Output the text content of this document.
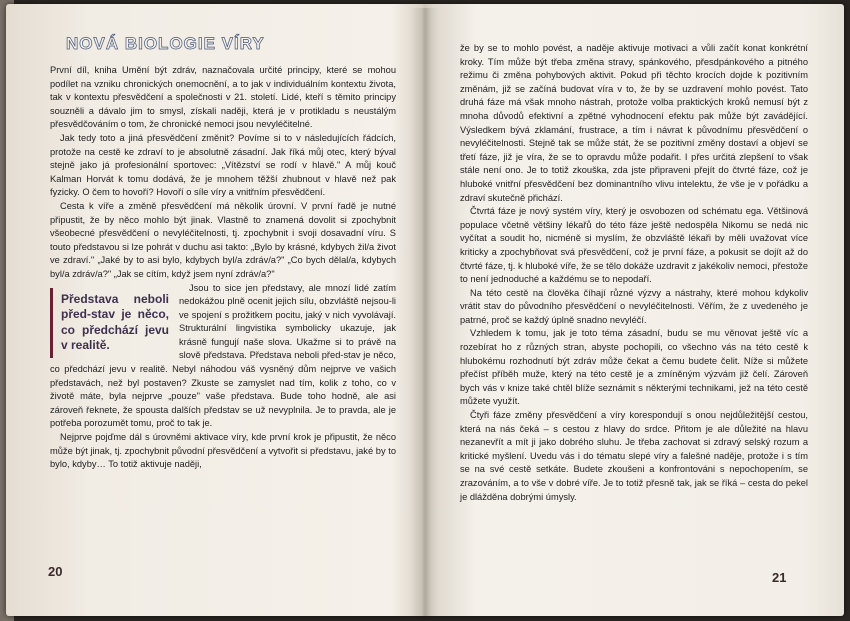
NOVÁ BIOLOGIE VÍRY

První díl, kniha Umění být zdráv, naznačovala určité principy, které se mohou podílet na vzniku chronických onemocnění, a to jak v individuálním kontextu života, tak v kontextu přesvědčení a společnosti v 21. století. Lidé, kteří s těmito principy souzněli a dávalo jim to smysl, získali naději, která je v protikladu s neustálým přesvědčováním o tom, že chronické nemoci jsou nevyléčitelné.

Jak tedy toto a jiná přesvědčení změnit? Povíme si to v následujících řádcích, protože na cestě ke zdraví to je absolutně zásadní. Jak říká můj otec, který býval stejně jako já profesionální sportovec: „Vítězství se rodí v hlavě." A můj kouč Kalman Horvát k tomu dodává, že je mnohem těžší zhubnout v hlavě než pak fyzicky. O čem to hovoří? Hovoří o síle víry a vnitřním přesvědčení.

Cesta k víře a změně přesvědčení má několik úrovní. V první řadě je nutné připustit, že by něco mohlo být jinak. Vlastně to znamená dovolit si zpochybnit všeobecné přesvědčení o nevyléčitelnosti, tj. zpochybnit i svoji dosavadní víru. S touto představou si lze pohrát v duchu asi takto: „Bylo by krásné, kdybych žil/a život ve zdraví." „Jaké by to asi bylo, kdybych byl/a zdráv/a?" „Co bych dělal/a, kdybych byl/a zdráv/a?" „Jak se cítím, když jsem nyní zdráv/a?"

Představa neboli před-stav je něco, co předchází jevu v realitě.

Jsou to sice jen představy, ale mnozí lidé zatím nedokážou plně ocenit jejich sílu, obzvláště nejsou-li ve spojení s prožitkem pocitu, jaký v nich vyvolávají. Strukturální lingvistika symbolicky ukazuje, jak krásně fungují naše slova. Ukažme si to právě na slově představa. Představa neboli před-stav je něco, co předchází jevu v realitě. Nebyl náhodou váš vysněný dům nejprve ve vašich představách, než byl postaven? Zkuste se zamyslet nad tím, kolik z toho, co v životě máte, byla nejprve „pouze" vaše představa. Bude toho hodně, ale asi zároveň řeknete, že spousta dalších představ se už nevyplnila. Je to pravda, ale je potřeba porozumět tomu, proč to tak je.

Nejprve pojďme dál s úrovněmi aktivace víry, kde první krok je připustit, že něco může být jinak, tj. zpochybnit původní přesvědčení a vytvořit si představu, jaké by to bylo, kdyby… To totiž aktivuje naději,

že by se to mohlo povést, a naděje aktivuje motivaci a vůli začít konat konkrétní kroky. Tím může být třeba změna stravy, spánkového, přesdpánkového a pitného režimu či změna pohybových aktivit. Pokud při těchto krocích dojde k pozitivním změnám, již se začíná budovat víra v to, že by se uzdravení mohlo povést. Tato druhá fáze má však mnoho nástrah, protože volba praktických kroků nemusí být z mnoha důvodů efektivní a zpětné vyhodnocení efektu pak může být zavádějící. Výsledkem bývá zklamání, frustrace, a tím i návrat k původnímu přesvědčení o nevyléčitelnosti. Stejně tak se může stát, že se pozitivní změny dostaví a objeví se třetí fáze, již je víra, že se to opravdu může podařit. I přes určitá zlepšení to však stále není ono. Je to totiž zkouška, zda jste připraveni přejít do čtvrté fáze, což je hluboké vnitřní přesvědčení bez dominantního vlivu intelektu, že vše je v pořádku a zdraví skutečně přichází.

Čtvrtá fáze je nový systém víry, který je osvobozen od schématu ega. Většinová populace včetně většiny lékařů do této fáze ještě nedospěla Nikomu se nedá nic vyčítat a soudit ho, nicméně si myslím, že obzvláště lékaři by měli uvažovat více kriticky a zpochybňovat svá přesvědčení, což je první fáze, a pokusit se dojít až do čtvrté fáze, tj. k hluboké víře, že se tělo dokáže uzdravit z jakékoliv nemoci, přestože to není jednoduché a každému se to nepodaří.

Na této cestě na člověka číhají různé výzvy a nástrahy, které mohou kdykoliv vrátit stav do původního přesvědčení o nevyléčitelnosti. Věřím, že z uvedeného je patrné, proč se každý úplně snadno nevyléčí.

Vzhledem k tomu, jak je toto téma zásadní, budu se mu věnovat ještě víc a rozebírat ho z různých stran, abyste pochopili, co všechno vás na této cestě k hlubokému rozhodnutí být zdráv může čekat a čemu budete čelit. Níže si můžete přečíst příběh muže, který na této cestě je a zmíněným výzvám již čelí. Zároveň bych vás v knize také chtěl blíže seznámit s některými technikami, jež na této cestě můžete využít.

Čtyři fáze změny přesvědčení a víry korespondují s onou nejdůležitější cestou, která na nás čeká – s cestou z hlavy do srdce. Přitom je ale důležité na hlavu nezanevřít a mít ji jako dobrého sluhu. Je třeba zachovat si zdravý selský rozum a kritické myšlení. Uvedu vás i do tématu slepé víry a falešné naděje, protože i s tím se na své cestě setkáte. Budete zkoušeni a konfrontováni s nepochopením, se zrazováním, a to vše v dobré víře. Je to totiž přesně tak, jak se říká – cesta do pekel je dlážděna dobrými úmysly.

20	21
